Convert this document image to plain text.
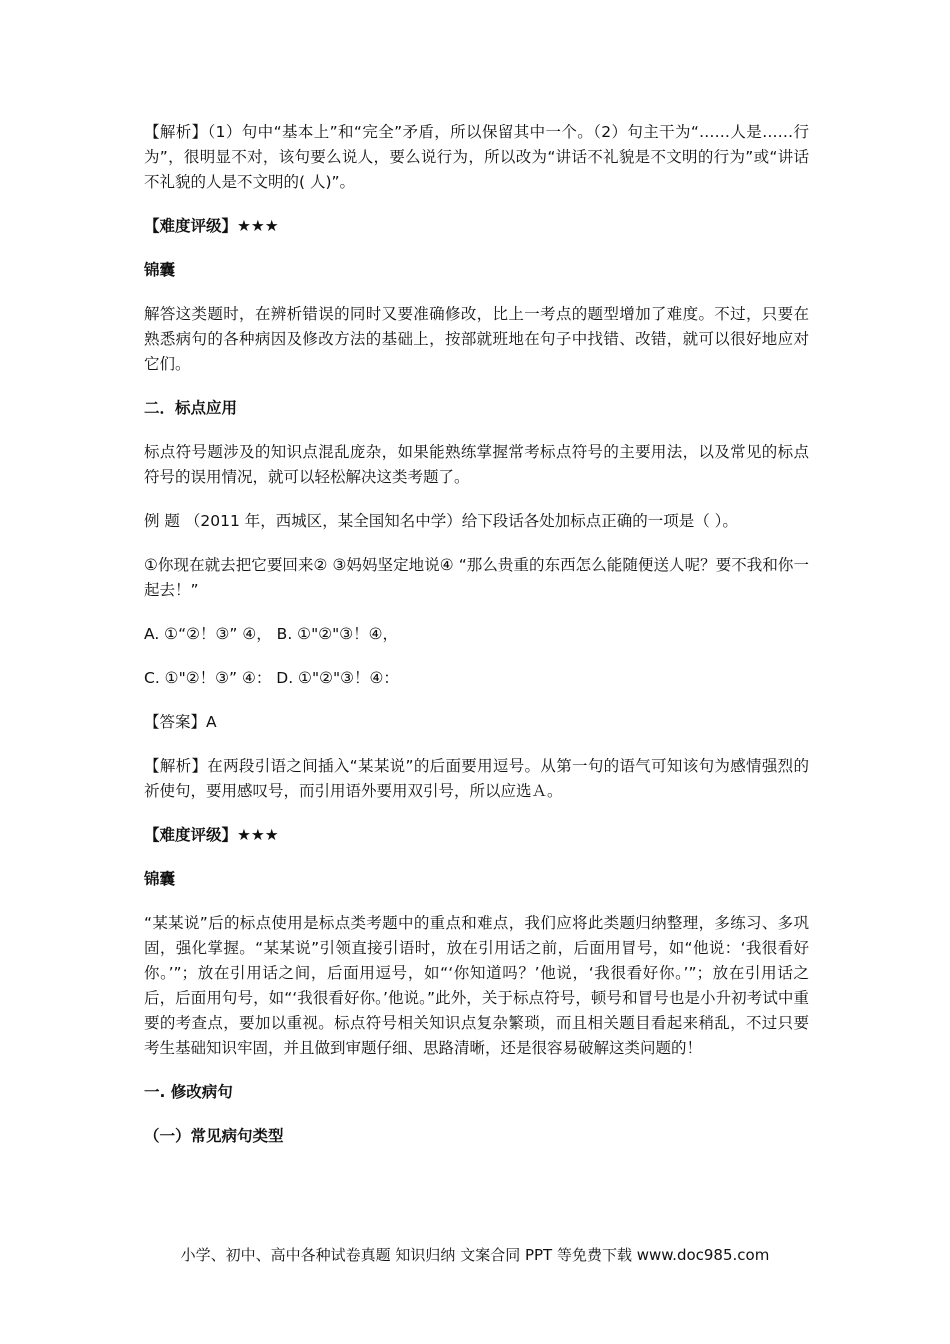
【解析】（1）句中“基本上”和“完全”矛盾，所以保留其中一个。（2）句主干为“……人是……行为”，很明显不对，该句要么说人，要么说行为，所以改为“讲话不礼貌是不文明的行为”或“讲话不礼貌的人是不文明的( 人)”。

【难度评级】★★★

锦囊

解答这类题时，在辨析错误的同时又要准确修改，比上一考点的题型增加了难度。不过，只要在熟悉病句的各种病因及修改方法的基础上，按部就班地在句子中找错、改错，就可以很好地应对它们。

二．标点应用

标点符号题涉及的知识点混乱庞杂，如果能熟练掌握常考标点符号的主要用法，以及常见的标点符号的误用情况，就可以轻松解决这类考题了。

例 题 （2011 年，西城区，某全国知名中学）给下段话各处加标点正确的一项是（ ）。

①你现在就去把它要回来② ③妈妈坚定地说④ “那么贵重的东西怎么能随便送人呢？要不我和你一起去！”

A. ①“②！③” ④， B. ①"②"③！④，

C. ①"②！③” ④： D. ①"②"③！④：

【答案】A

【解析】在两段引语之间插入“某某说”的后面要用逗号。从第一句的语气可知该句为感情强烈的祈使句，要用感叹号，而引用语外要用双引号，所以应选Ａ。

【难度评级】★★★

锦囊

“某某说”后的标点使用是标点类考题中的重点和难点，我们应将此类题归纳整理，多练习、多巩固，强化掌握。“某某说”引领直接引语时，放在引用话之前，后面用冒号，如“他说：‘我很看好你。’”；放在引用话之间，后面用逗号，如“‘你知道吗？’他说，‘我很看好你。’”；放在引用话之后，后面用句号，如“‘我很看好你。’他说。”此外，关于标点符号，顿号和冒号也是小升初考试中重要的考查点，要加以重视。标点符号相关知识点复杂繁琐，而且相关题目看起来稍乱，不过只要考生基础知识牢固，并且做到审题仔细、思路清晰，还是很容易破解这类问题的！

一. 修改病句

（一）常见病句类型

小学、初中、高中各种试卷真题 知识归纳 文案合同 PPT 等免费下载 www.doc985.com
